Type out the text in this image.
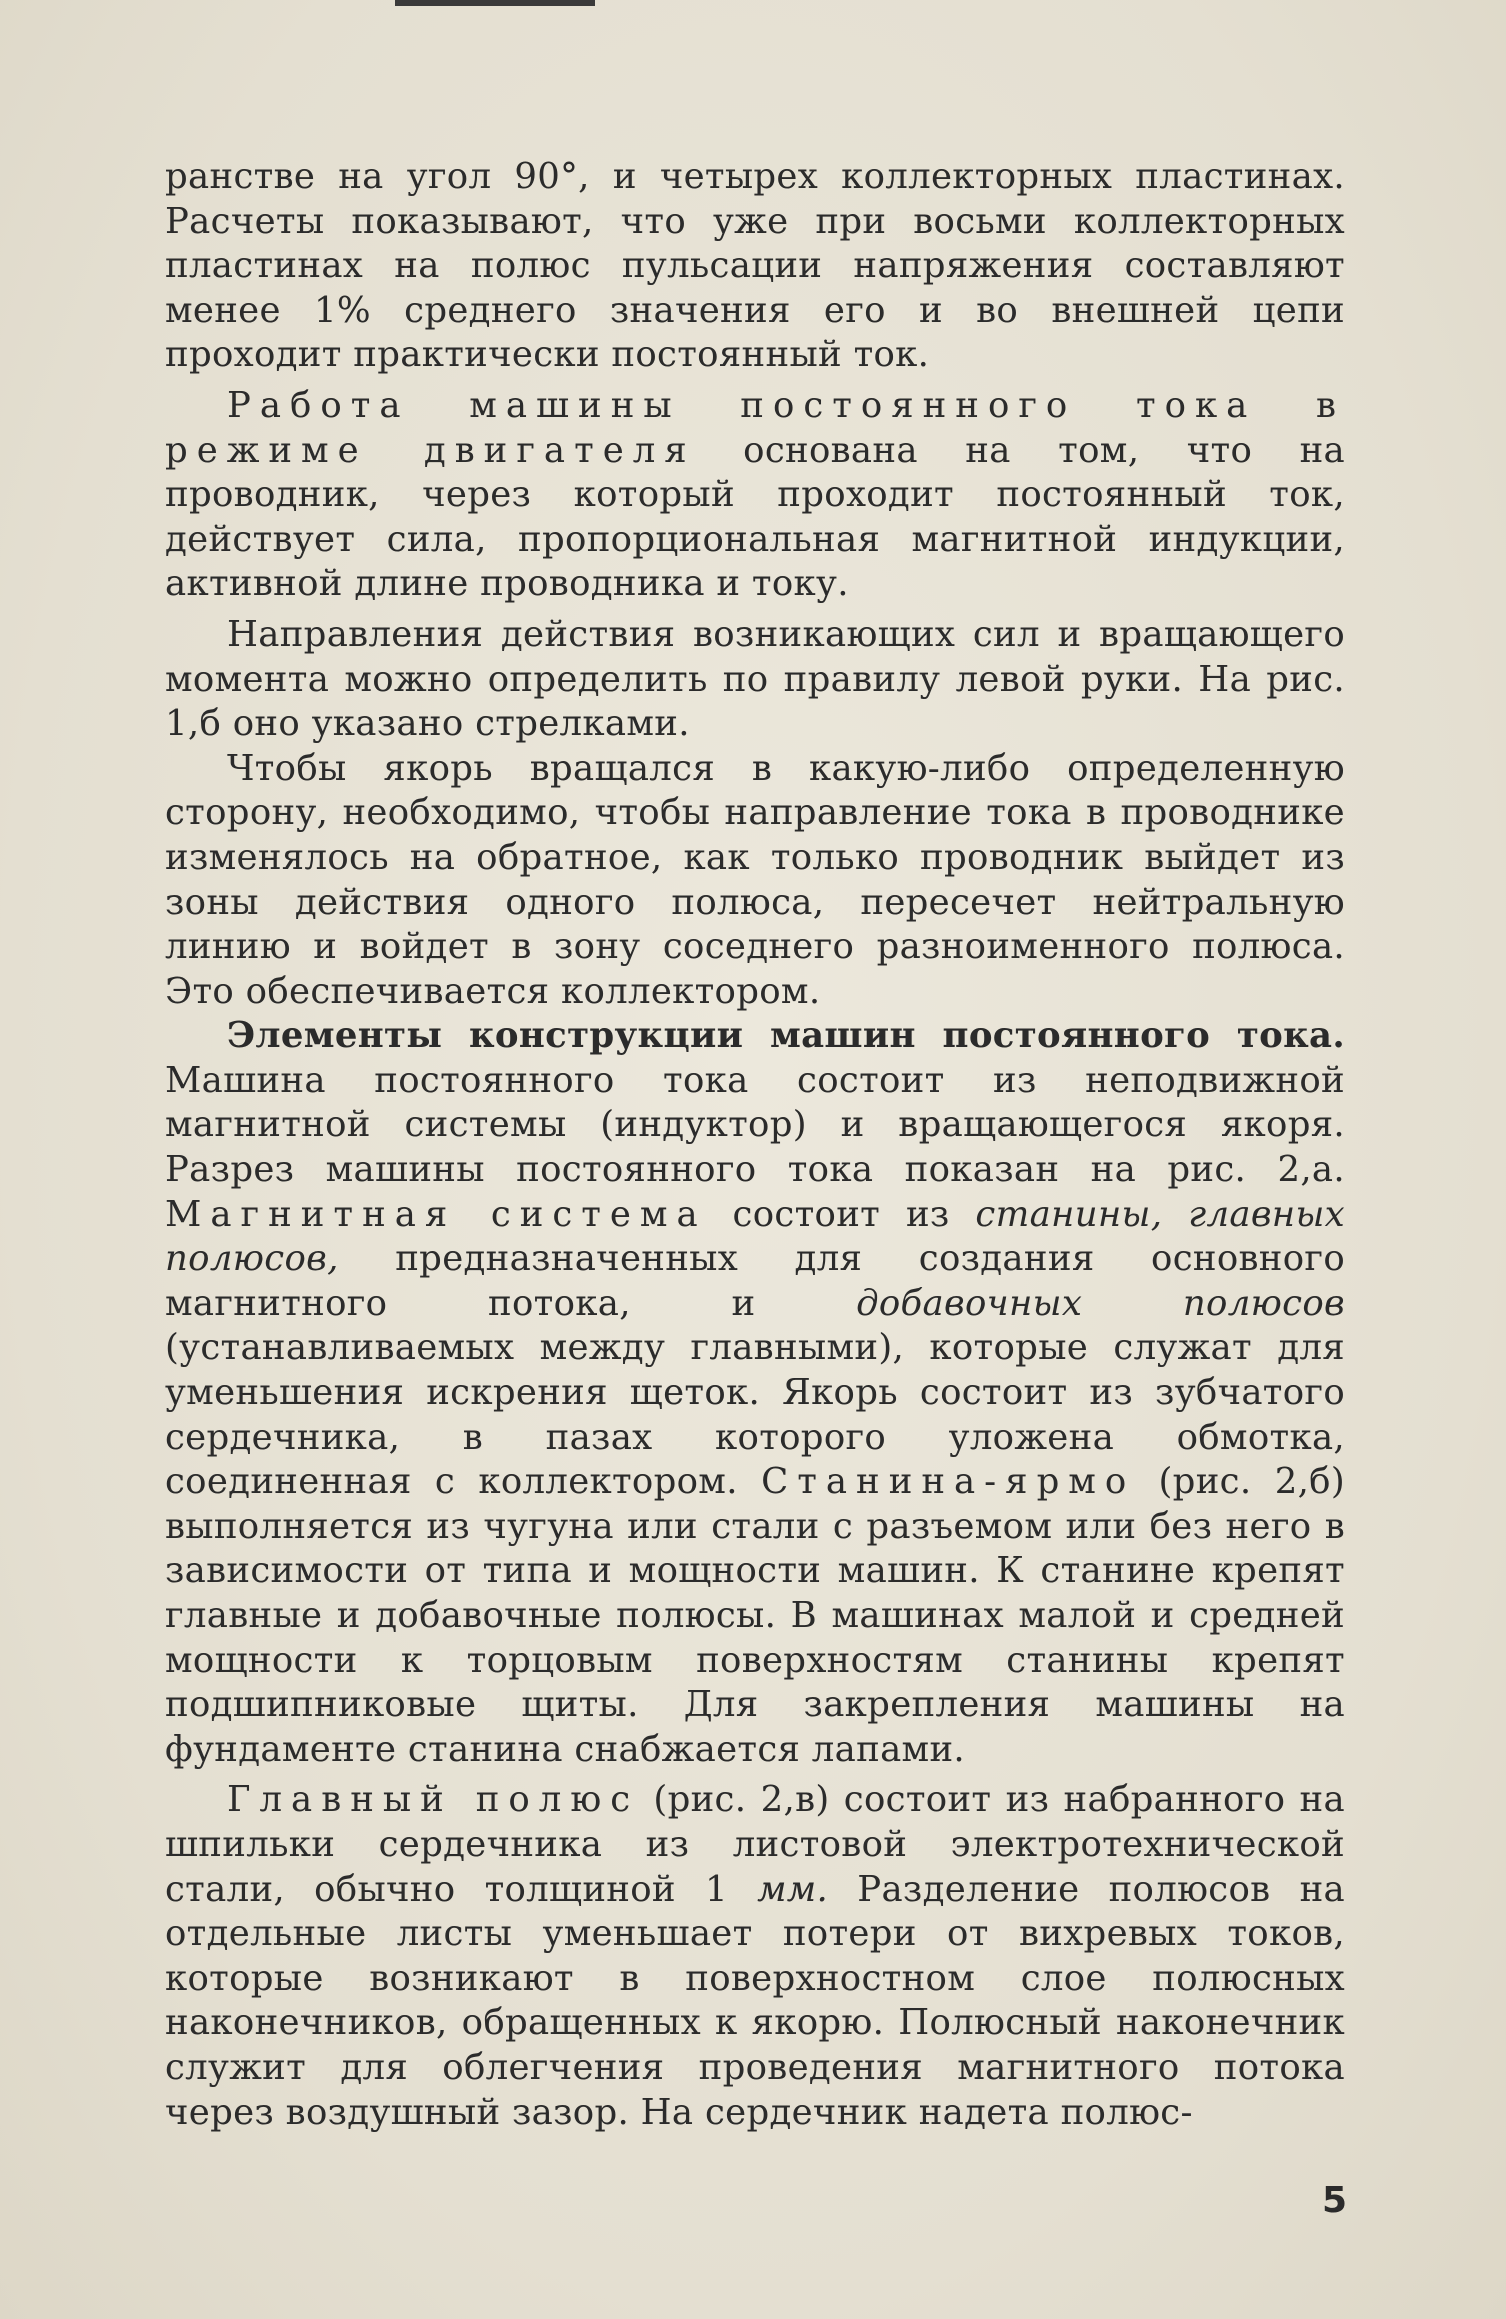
ранстве на угол 90°, и четырех коллекторных пластинах. Расчеты показывают, что уже при восьми коллекторных пластинах на полюс пульсации напряжения составляют менее 1% среднего значения его и во внешней цепи проходит практически постоянный ток.

Работа машины постоянного тока в режиме двигателя основана на том, что на проводник, через который проходит постоянный ток, действует сила, пропорциональная магнитной индукции, активной длине проводника и току.

Направления действия возникающих сил и вращающего момента можно определить по правилу левой руки. На рис. 1,б оно указано стрелками.

Чтобы якорь вращался в какую-либо определенную сторону, необходимо, чтобы направление тока в проводнике изменялось на обратное, как только проводник выйдет из зоны действия одного полюса, пересечет нейтральную линию и войдет в зону соседнего разноименного полюса. Это обеспечивается коллектором.

Элементы конструкции машин постоянного тока. Машина постоянного тока состоит из неподвижной магнитной системы (индуктор) и вращающегося якоря. Разрез машины постоянного тока показан на рис. 2,а. Магнитная система состоит из станины, главных полюсов, предназначенных для создания основного магнитного потока, и добавочных полюсов (устанавливаемых между главными), которые служат для уменьшения искрения щеток. Якорь состоит из зубчатого сердечника, в пазах которого уложена обмотка, соединенная с коллектором. Станина-ярмо (рис. 2,б) выполняется из чугуна или стали с разъемом или без него в зависимости от типа и мощности машин. К станине крепят главные и добавочные полюсы. В машинах малой и средней мощности к торцовым поверхностям станины крепят подшипниковые щиты. Для закрепления машины на фундаменте станина снабжается лапами.

Главный полюс (рис. 2,в) состоит из набранного на шпильки сердечника из листовой электротехнической стали, обычно толщиной 1 мм. Разделение полюсов на отдельные листы уменьшает потери от вихревых токов, которые возникают в поверхностном слое полюсных наконечников, обращенных к якорю. Полюсный наконечник служит для облегчения проведения магнитного потока через воздушный зазор. На сердечник надета полюс-

5
